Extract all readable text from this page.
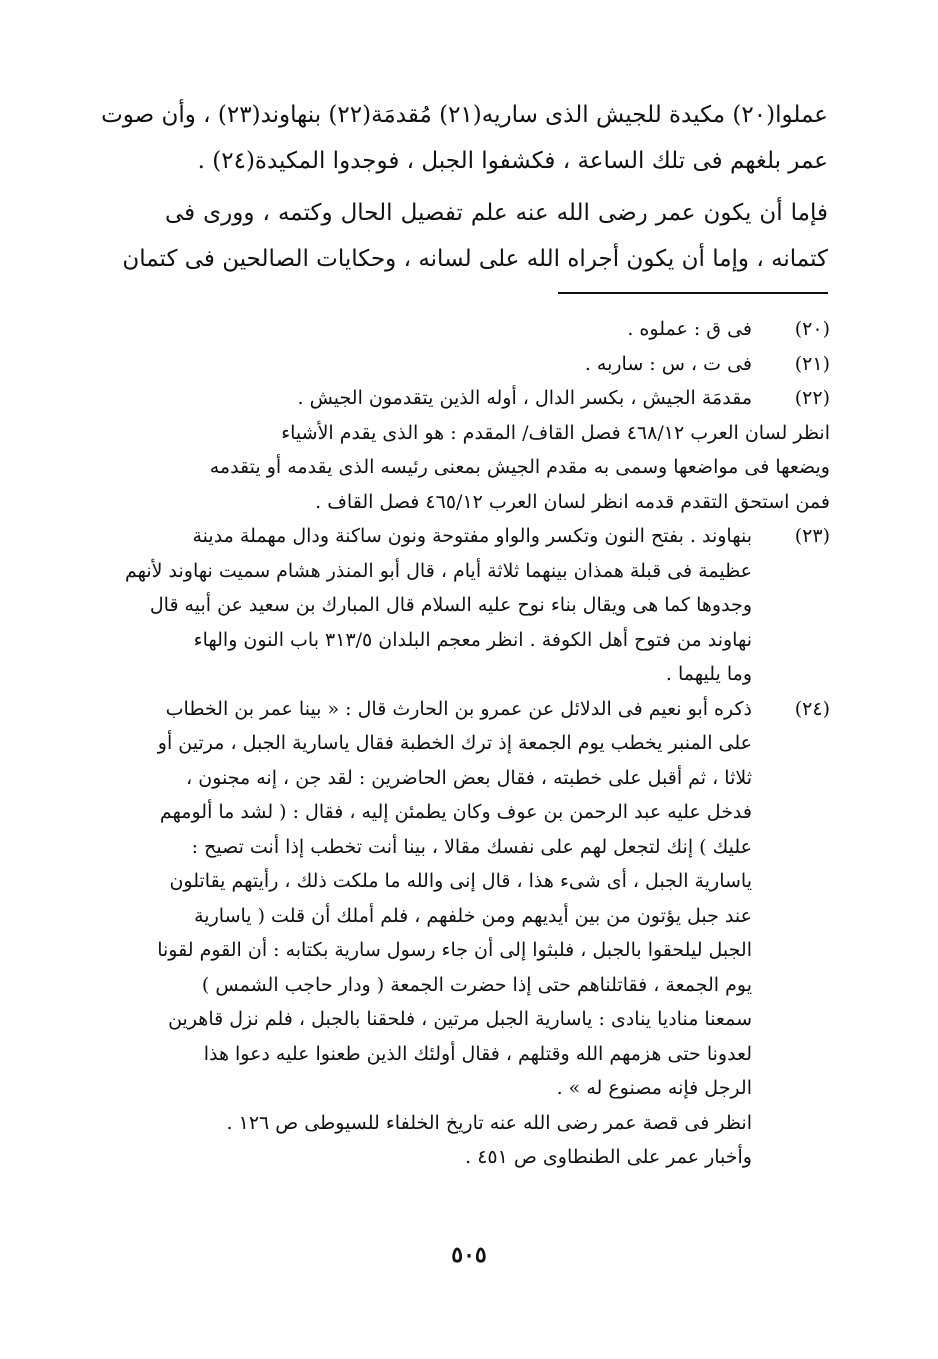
عملوا(٢٠) مكيدة للجيش الذى ساريه(٢١) مُقدمَة(٢٢) بنهاوند(٢٣) ، وأن صوت
عمر بلغهم فى تلك الساعة ، فكشفوا الجبل ، فوجدوا المكيدة(٢٤) .
فإما أن يكون عمر رضى الله عنه علم تفصيل الحال وكتمه ، وورى فى
كتمانه ، وإما أن يكون أجراه الله على لسانه ، وحكايات الصالحين فى كتمان
(٢٠)
فى ق : عملوه .
(٢١)
فى ت ، س : ساربه .
(٢٢)
مقدمَة الجيش ، بكسر الدال ، أوله الذين يتقدمون الجيش .
انظر لسان العرب ٤٦٨/١٢ فصل القاف/ المقدم : هو الذى يقدم الأشياء
ويضعها فى مواضعها وسمى به مقدم الجيش بمعنى رئيسه الذى يقدمه أو يتقدمه
فمن استحق التقدم قدمه انظر لسان العرب ٤٦٥/١٢ فصل القاف .
(٢٣)
بنهاوند . بفتح النون وتكسر والواو مفتوحة ونون ساكنة ودال مهملة مدينة
عظيمة فى قبلة همذان بينهما ثلاثة أيام ، قال أبو المنذر هشام سميت نهاوند لأنهم
وجدوها كما هى ويقال بناء نوح عليه السلام قال المبارك بن سعيد عن أبيه قال
نهاوند من فتوح أهل الكوفة . انظر معجم البلدان ٣١٣/٥ باب النون والهاء
وما يليهما .
(٢٤)
ذكره أبو نعيم فى الدلائل عن عمرو بن الحارث قال : « بينا عمر بن الخطاب
على المنبر يخطب يوم الجمعة إذ ترك الخطبة فقال ياسارية الجبل ، مرتين أو
ثلاثا ، ثم أقبل على خطبته ، فقال بعض الحاضرين : لقد جن ، إنه مجنون ،
فدخل عليه عبد الرحمن بن عوف وكان يطمئن إليه ، فقال : ( لشد ما ألومهم
عليك ) إنك لتجعل لهم على نفسك مقالا ، بينا أنت تخطب إذا أنت تصيح :
ياسارية الجبل ، أى شىء هذا ، قال إنى والله ما ملكت ذلك ، رأيتهم يقاتلون
عند جبل يؤتون من بين أيديهم ومن خلفهم ، فلم أملك أن قلت ( ياسارية
الجبل ليلحقوا بالجبل ، فلبثوا إلى أن جاء رسول سارية بكتابه : أن القوم لقونا
يوم الجمعة ، فقاتلناهم حتى إذا حضرت الجمعة ( ودار حاجب الشمس )
سمعنا مناديا ينادى : ياسارية الجبل مرتين ، فلحقنا بالجبل ، فلم نزل قاهرين
لعدونا حتى هزمهم الله وقتلهم ، فقال أولئك الذين طعنوا عليه دعوا هذا
الرجل فإنه مصنوع له » .
انظر فى قصة عمر رضى الله عنه تاريخ الخلفاء للسيوطى ص ١٢٦ .
وأخبار عمر على الطنطاوى ص ٤٥١ .
٥٠٥
